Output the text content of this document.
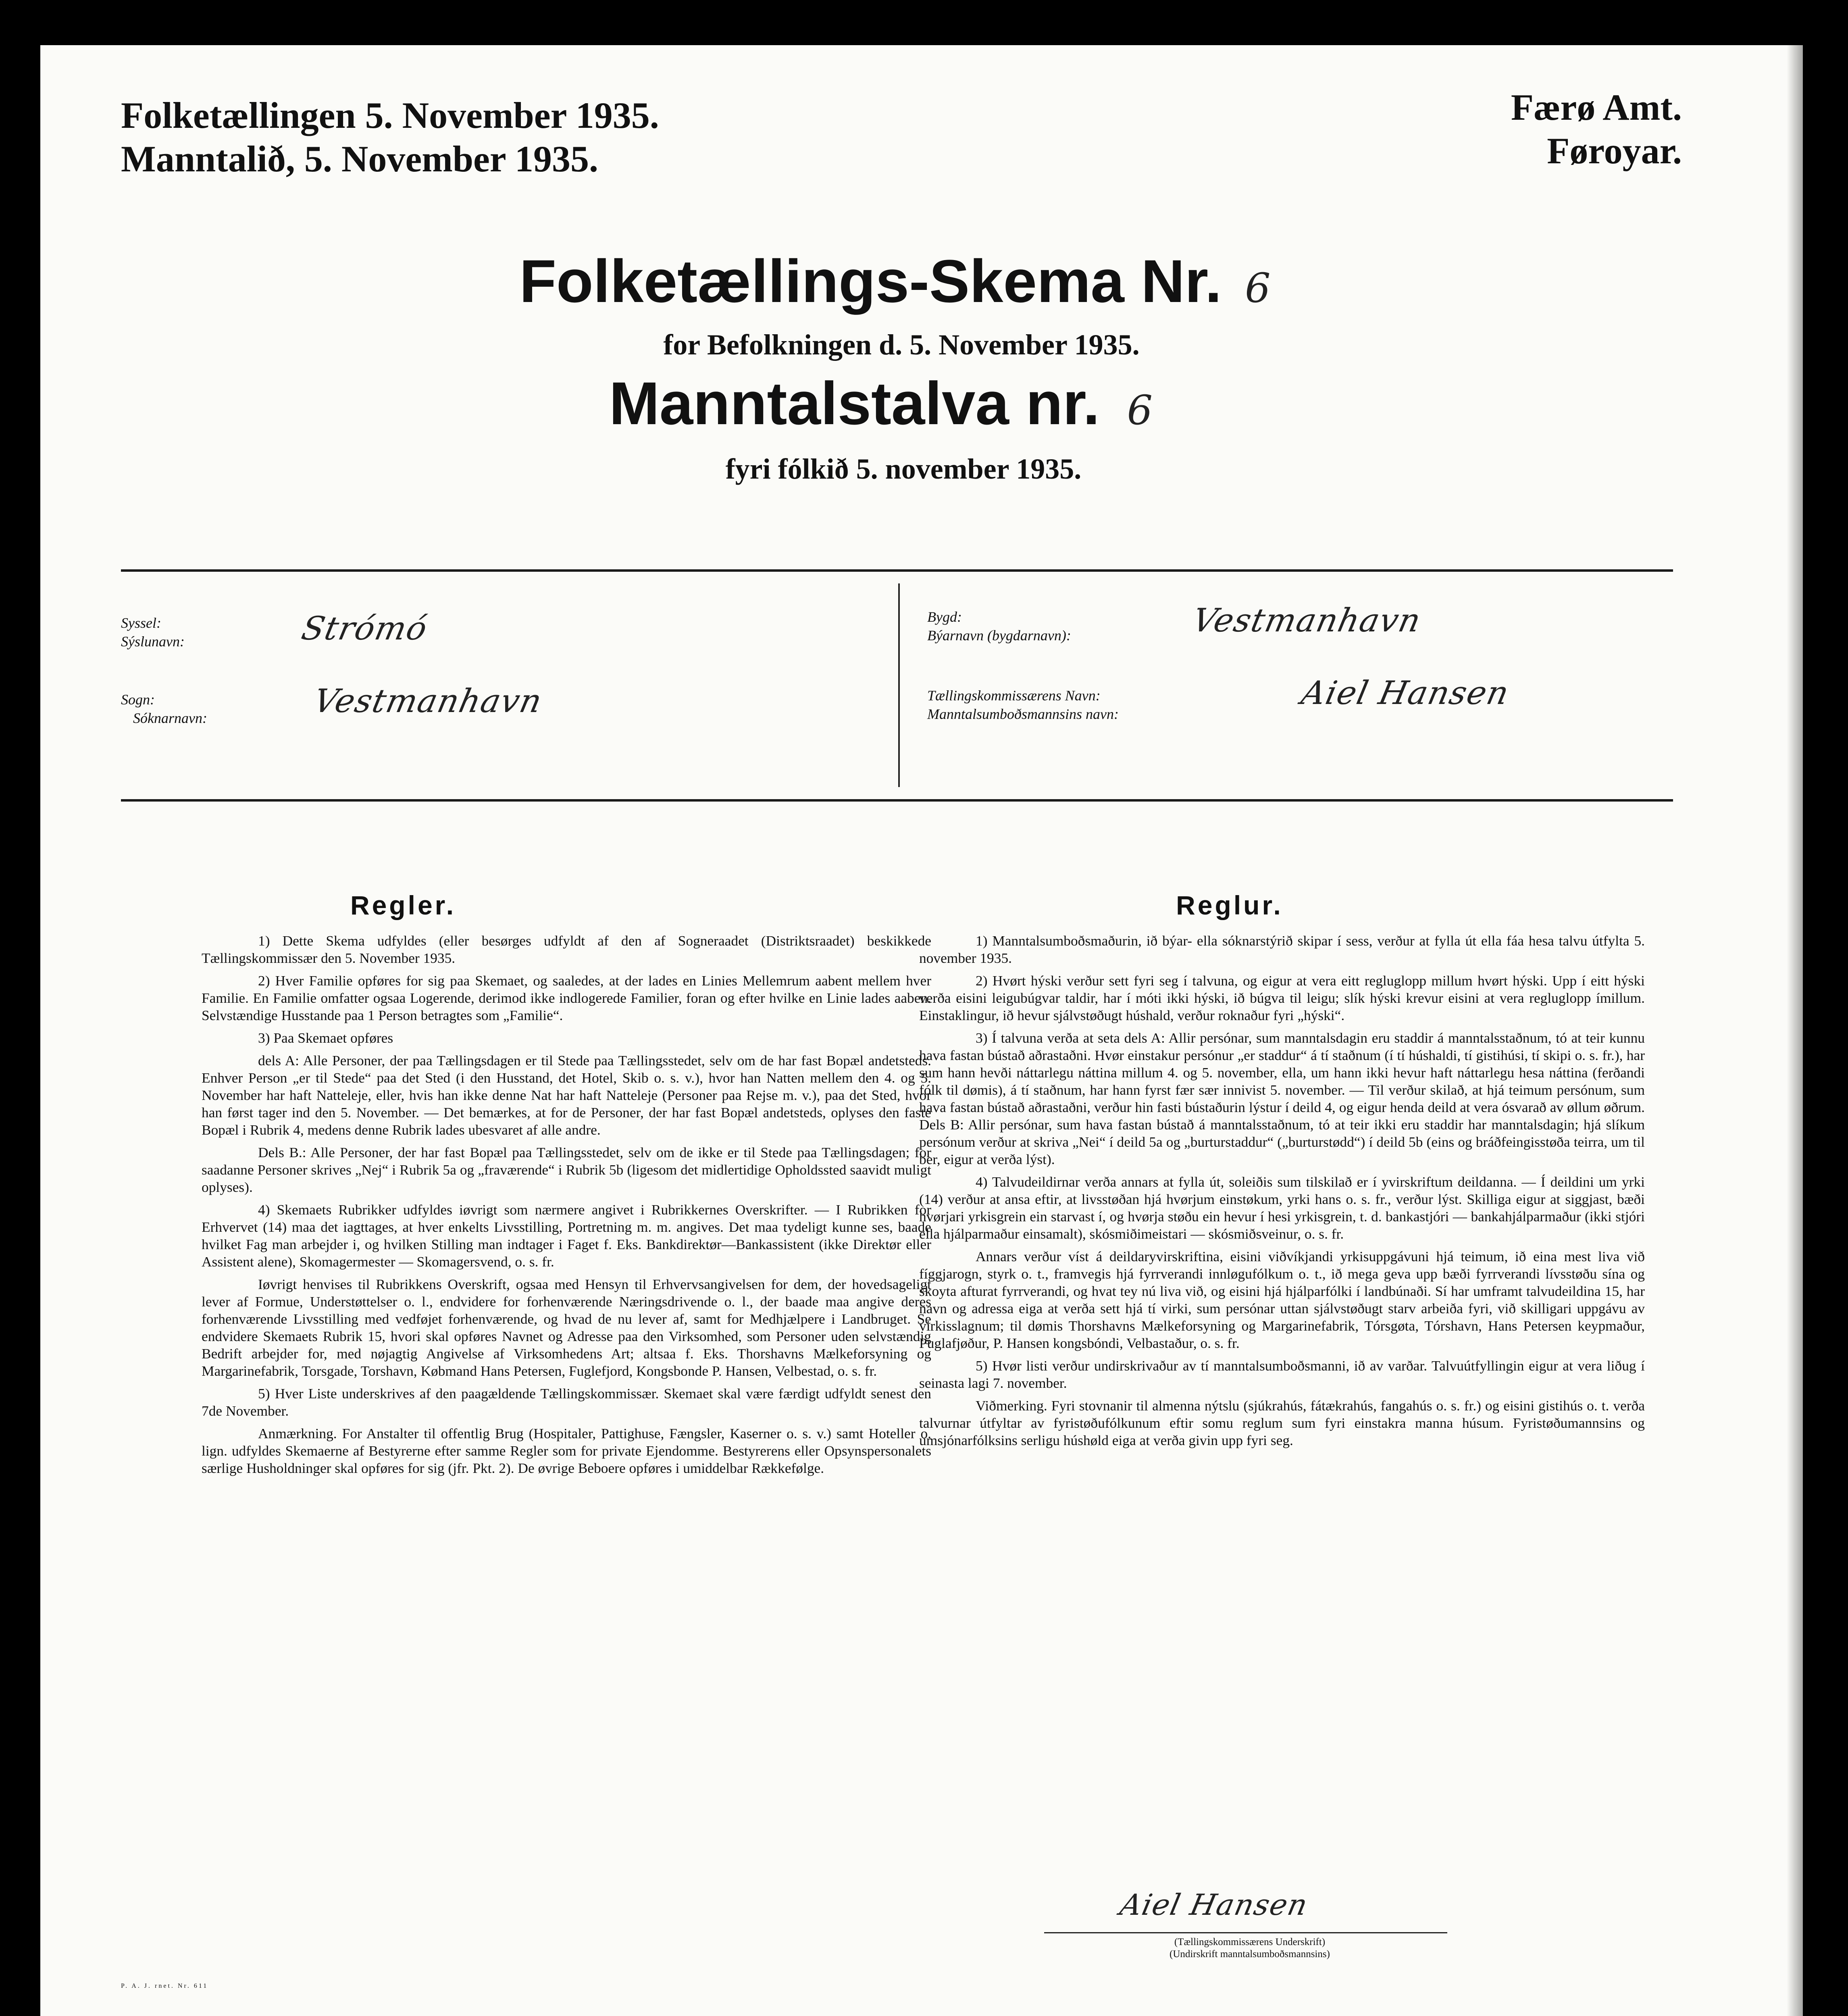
Folketællingen 5. November 1935.
Manntalið, 5. November 1935.
Færø Amt.
Føroyar.
Folketællings-Skema Nr. 6
for Befolkningen d. 5. November 1935.
Manntalstalva nr. 6
fyri fólkið 5. november 1935.
Syssel:
Sýslunavn:	Strómó
Sogn:
Sóknarnavn:	Vestmanhavn
Bygd:
Býarnavn (bygdarnavn):	Vestmanhavn
Tællingskommissærens Navn:
Manntalsumboðsmannsins navn:
Aiel Hansen
Regler.

1) Dette Skema udfyldes (eller besørges udfyldt af den af Sogneraadet (Distriktsraadet) beskikkede Tællingskommissær den 5. November 1935.

2) Hver Familie opføres for sig paa Skemaet, og saaledes, at der lades en Linies Mellemrum aabent mellem hver Familie. En Familie omfatter ogsaa Logerende, derimod ikke indlogerede Familier, foran og efter hvilke en Linie lades aaben. Selvstændige Husstande paa 1 Person betragtes som „Familie“.

3) Paa Skemaet opføres

dels A: Alle Personer, der paa Tællingsdagen er til Stede paa Tællingsstedet, selv om de har fast Bopæl andetsteds. Enhver Person „er til Stede“ paa det Sted (i den Husstand, det Hotel, Skib o. s. v.), hvor han Natten mellem den 4. og 5. November har haft Natteleje, eller, hvis han ikke denne Nat har haft Natteleje (Personer paa Rejse m. v.), paa det Sted, hvor han først tager ind den 5. November. — Det bemærkes, at for de Personer, der har fast Bopæl andetsteds, oplyses den faste Bopæl i Rubrik 4, medens denne Rubrik lades ubesvaret af alle andre.

Dels B.: Alle Personer, der har fast Bopæl paa Tællingsstedet, selv om de ikke er til Stede paa Tællingsdagen; for saadanne Personer skrives „Nej“ i Rubrik 5a og „fraværende“ i Rubrik 5b (ligesom det midlertidige Opholdssted saavidt muligt oplyses).

4) Skemaets Rubrikker udfyldes iøvrigt som nærmere angivet i Rubrikkernes Overskrifter. — I Rubrikken for Erhvervet (14) maa det iagttages, at hver enkelts Livsstilling, Portretning m. m. angives. Det maa tydeligt kunne ses, baade hvilket Fag man arbejder i, og hvilken Stilling man indtager i Faget f. Eks. Bankdirektør—Bankassistent (ikke Direktør eller Assistent alene), Skomagermester — Skomagersvend, o. s. fr.

Iøvrigt henvises til Rubrikkens Overskrift, ogsaa med Hensyn til Erhvervsangivelsen for dem, der hovedsageligt lever af Formue, Understøttelser o. l., endvidere for forhenværende Næringsdrivende o. l., der baade maa angive deres forhenværende Livsstilling med vedføjet forhenværende, og hvad de nu lever af, samt for Medhjælpere i Landbruget. Se endvidere Skemaets Rubrik 15, hvori skal opføres Navnet og Adresse paa den Virksomhed, som Personer uden selvstændig Bedrift arbejder for, med nøjagtig Angivelse af Virksomhedens Art; altsaa f. Eks. Thorshavns Mælkeforsyning og Margarinefabrik, Torsgade, Torshavn, Købmand Hans Petersen, Fuglefjord, Kongsbonde P. Hansen, Velbestad, o. s. fr.

5) Hver Liste underskrives af den paagældende Tællingskommissær. Skemaet skal være færdigt udfyldt senest den 7de November.

Anmærkning. For Anstalter til offentlig Brug (Hospitaler, Pattighuse, Fængsler, Kaserner o. s. v.) samt Hoteller o. lign. udfyldes Skemaerne af Bestyrerne efter samme Regler som for private Ejendomme. Bestyrerens eller Opsynspersonalets særlige Husholdninger skal opføres for sig (jfr. Pkt. 2). De øvrige Beboere opføres i umiddelbar Rækkefølge.

Reglur.

1) Manntalsumboðsmaðurin, ið býar- ella sóknarstýrið skipar í sess, verður at fylla út ella fáa hesa talvu útfylta 5. november 1935.

2) Hvørt hýski verður sett fyri seg í talvuna, og eigur at vera eitt regluglopp millum hvørt hýski. Upp í eitt hýski verða eisini leigubúgvar taldir, har í móti ikki hýski, ið búgva til leigu; slík hýski krevur eisini at vera regluglopp ímillum. Einstaklingur, ið hevur sjálvstøðugt húshald, verður roknaður fyri „hýski“.

3) Í talvuna verða at seta dels A: Allir persónar, sum manntalsdagin eru staddir á manntalsstaðnum, tó at teir kunnu hava fastan bústað aðrastaðni. Hvør einstakur persónur „er staddur“ á tí staðnum (í tí húshaldi, tí gistihúsi, tí skipi o. s. fr.), har sum hann hevði náttarlegu náttina millum 4. og 5. november, ella, um hann ikki hevur haft náttarlegu hesa náttina (ferðandi fólk til dømis), á tí staðnum, har hann fyrst fær sær innivist 5. november. — Til verður skilað, at hjá teimum persónum, sum hava fastan bústað aðrastaðni, verður hin fasti bústaðurin lýstur í deild 4, og eigur henda deild at vera ósvarað av øllum øðrum. Dels B: Allir persónar, sum hava fastan bústað á manntalsstaðnum, tó at teir ikki eru staddir har manntalsdagin; hjá slíkum persónum verður at skriva „Nei“ í deild 5a og „burturstaddur“ („burturstødd“) í deild 5b (eins og bráðfeingisstøða teirra, um til ber, eigur at verða lýst).

4) Talvudeildirnar verða annars at fylla út, soleiðis sum tilskilað er í yvirskriftum deildanna. — Í deildini um yrki (14) verður at ansa eftir, at livsstøðan hjá hvørjum einstøkum, yrki hans o. s. fr., verður lýst. Skilliga eigur at siggjast, bæði hvørjari yrkisgrein ein starvast í, og hvørja støðu ein hevur í hesi yrkisgrein, t. d. bankastjóri — bankahjálparmaður (ikki stjóri ella hjálparmaður einsamalt), skósmiðimeistari — skósmiðsveinur, o. s. fr.

Annars verður víst á deildaryvirskriftina, eisini viðvíkjandi yrkisuppgávuni hjá teimum, ið eina mest liva við fíggjarogn, styrk o. t., framvegis hjá fyrrverandi innløgufólkum o. t., ið mega geva upp bæði fyrrverandi lívsstøðu sína og skoyta afturat fyrrverandi, og hvat tey nú liva við, og eisini hjá hjálparfólki í landbúnaði. Sí har umframt talvudeildina 15, har navn og adressa eiga at verða sett hjá tí virki, sum persónar uttan sjálvstøðugt starv arbeiða fyri, við skilligari uppgávu av virkisslagnum; til dømis Thorshavns Mælkeforsyning og Margarinefabrik, Tórsgøta, Tórshavn, Hans Petersen keypmaður, Puglafjøður, P. Hansen kongsbóndi, Velbastaður, o. s. fr.

5) Hvør listi verður undirskrivaður av tí manntalsumboðsmanni, ið av varðar. Talvuútfyllingin eigur at vera liðug í seinasta lagi 7. november.

Viðmerking. Fyri stovnanir til almenna nýtslu (sjúkrahús, fátækrahús, fangahús o. s. fr.) og eisini gistihús o. t. verða talvurnar útfyltar av fyristøðufólkunum eftir somu reglum sum fyri einstakra manna húsum. Fyristøðumannsins og umsjónarfólksins serligu húshøld eiga at verða givin upp fyri seg.

Aiel Hansen
(Tællingskommissærens Underskrift)
(Undirskrift manntalsumboðsmannsins)
P. A. J. rnet. Nr. 611
